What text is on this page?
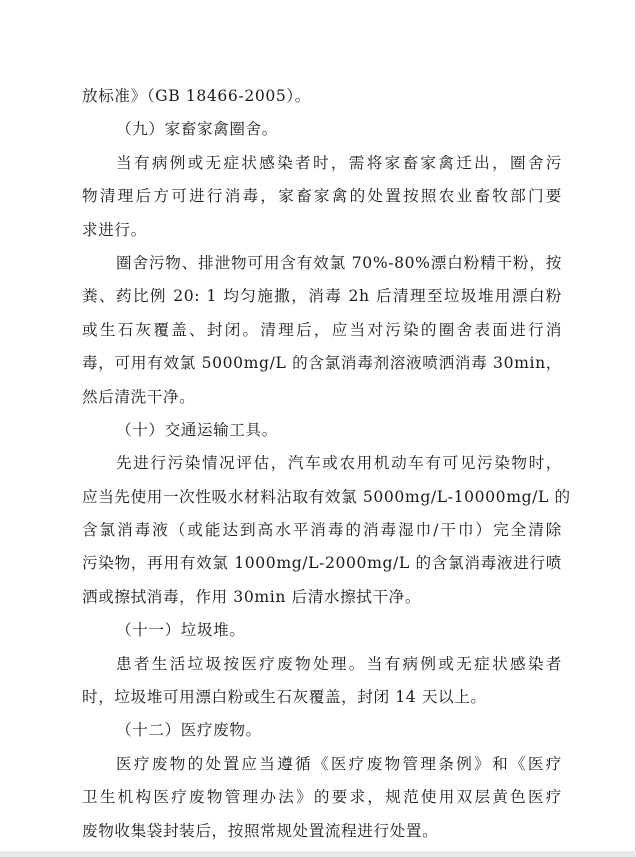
放标准》（GB 18466-2005）。
（九）家畜家禽圈舍。
当有病例或无症状感染者时，需将家畜家禽迁出，圈舍污
物清理后方可进行消毒，家畜家禽的处置按照农业畜牧部门要
求进行。
圈舍污物、排泄物可用含有效氯 70%-80%漂白粉精干粉，按
粪、药比例 20: 1 均匀施撒，消毒 2h 后清理至垃圾堆用漂白粉
或生石灰覆盖、封闭。清理后，应当对污染的圈舍表面进行消
毒，可用有效氯 5000mg/L 的含氯消毒剂溶液喷洒消毒 30min，
然后清洗干净。
（十）交通运输工具。
先进行污染情况评估，汽车或农用机动车有可见污染物时，
应当先使用一次性吸水材料沾取有效氯 5000mg/L-10000mg/L 的
含氯消毒液（或能达到高水平消毒的消毒湿巾/干巾）完全清除
污染物，再用有效氯 1000mg/L-2000mg/L 的含氯消毒液进行喷
洒或擦拭消毒，作用 30min 后清水擦拭干净。
（十一）垃圾堆。
患者生活垃圾按医疗废物处理。当有病例或无症状感染者
时，垃圾堆可用漂白粉或生石灰覆盖，封闭 14 天以上。
（十二）医疗废物。
医疗废物的处置应当遵循《医疗废物管理条例》和《医疗
卫生机构医疗废物管理办法》的要求，规范使用双层黄色医疗
废物收集袋封装后，按照常规处置流程进行处置。
